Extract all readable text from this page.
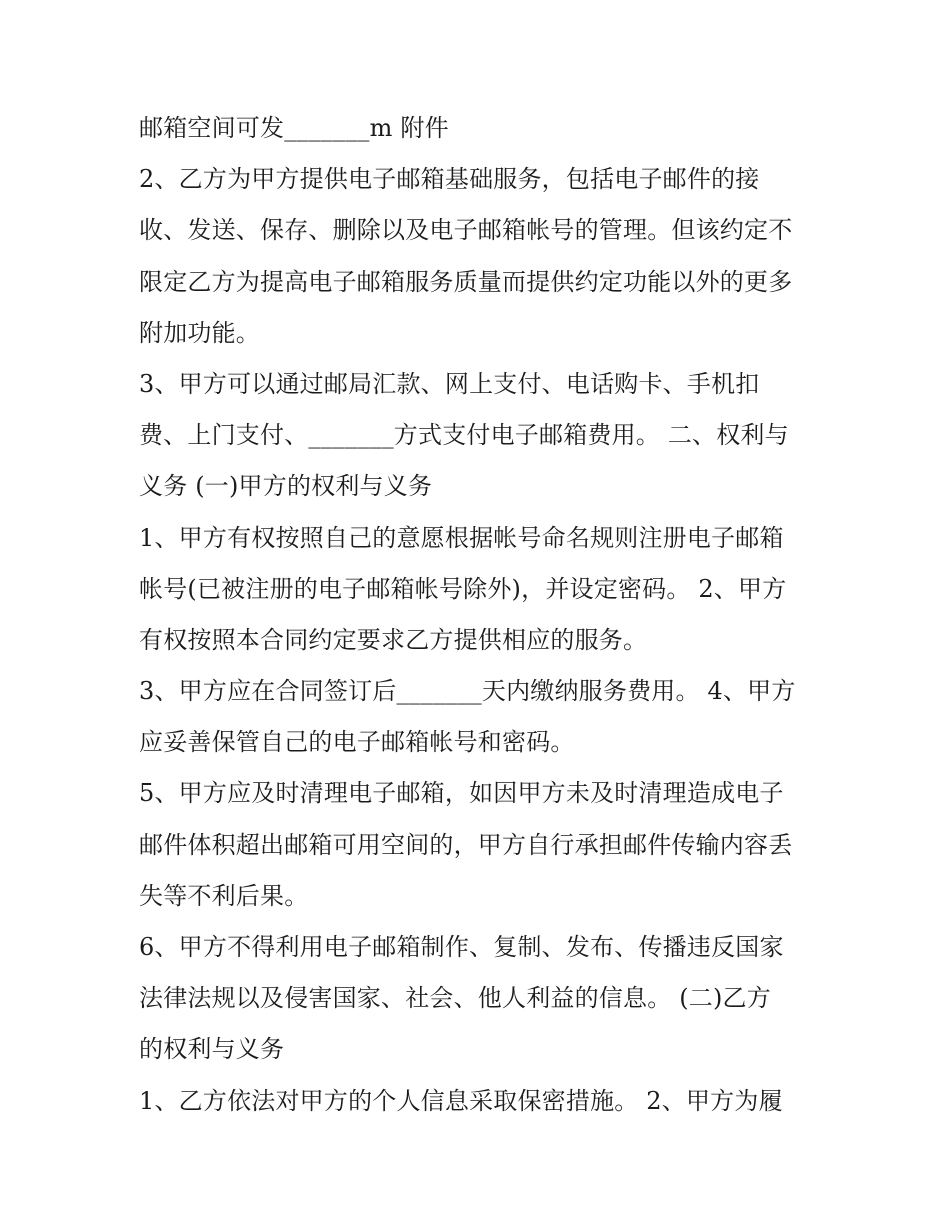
邮箱空间可发_______m 附件
2、乙方为甲方提供电子邮箱基础服务，包括电子邮件的接
收、发送、保存、删除以及电子邮箱帐号的管理。但该约定不
限定乙方为提高电子邮箱服务质量而提供约定功能以外的更多
附加功能。
3、甲方可以通过邮局汇款、网上支付、电话购卡、手机扣
费、上门支付、_______方式支付电子邮箱费用。 二、权利与
义务 (一)甲方的权利与义务
1、甲方有权按照自己的意愿根据帐号命名规则注册电子邮箱
帐号(已被注册的电子邮箱帐号除外)，并设定密码。 2、甲方
有权按照本合同约定要求乙方提供相应的服务。
3、甲方应在合同签订后_______天内缴纳服务费用。 4、甲方
应妥善保管自己的电子邮箱帐号和密码。
5、甲方应及时清理电子邮箱，如因甲方未及时清理造成电子
邮件体积超出邮箱可用空间的，甲方自行承担邮件传输内容丢
失等不利后果。
6、甲方不得利用电子邮箱制作、复制、发布、传播违反国家
法律法规以及侵害国家、社会、他人利益的信息。 (二)乙方
的权利与义务
1、乙方依法对甲方的个人信息采取保密措施。 2、甲方为履
